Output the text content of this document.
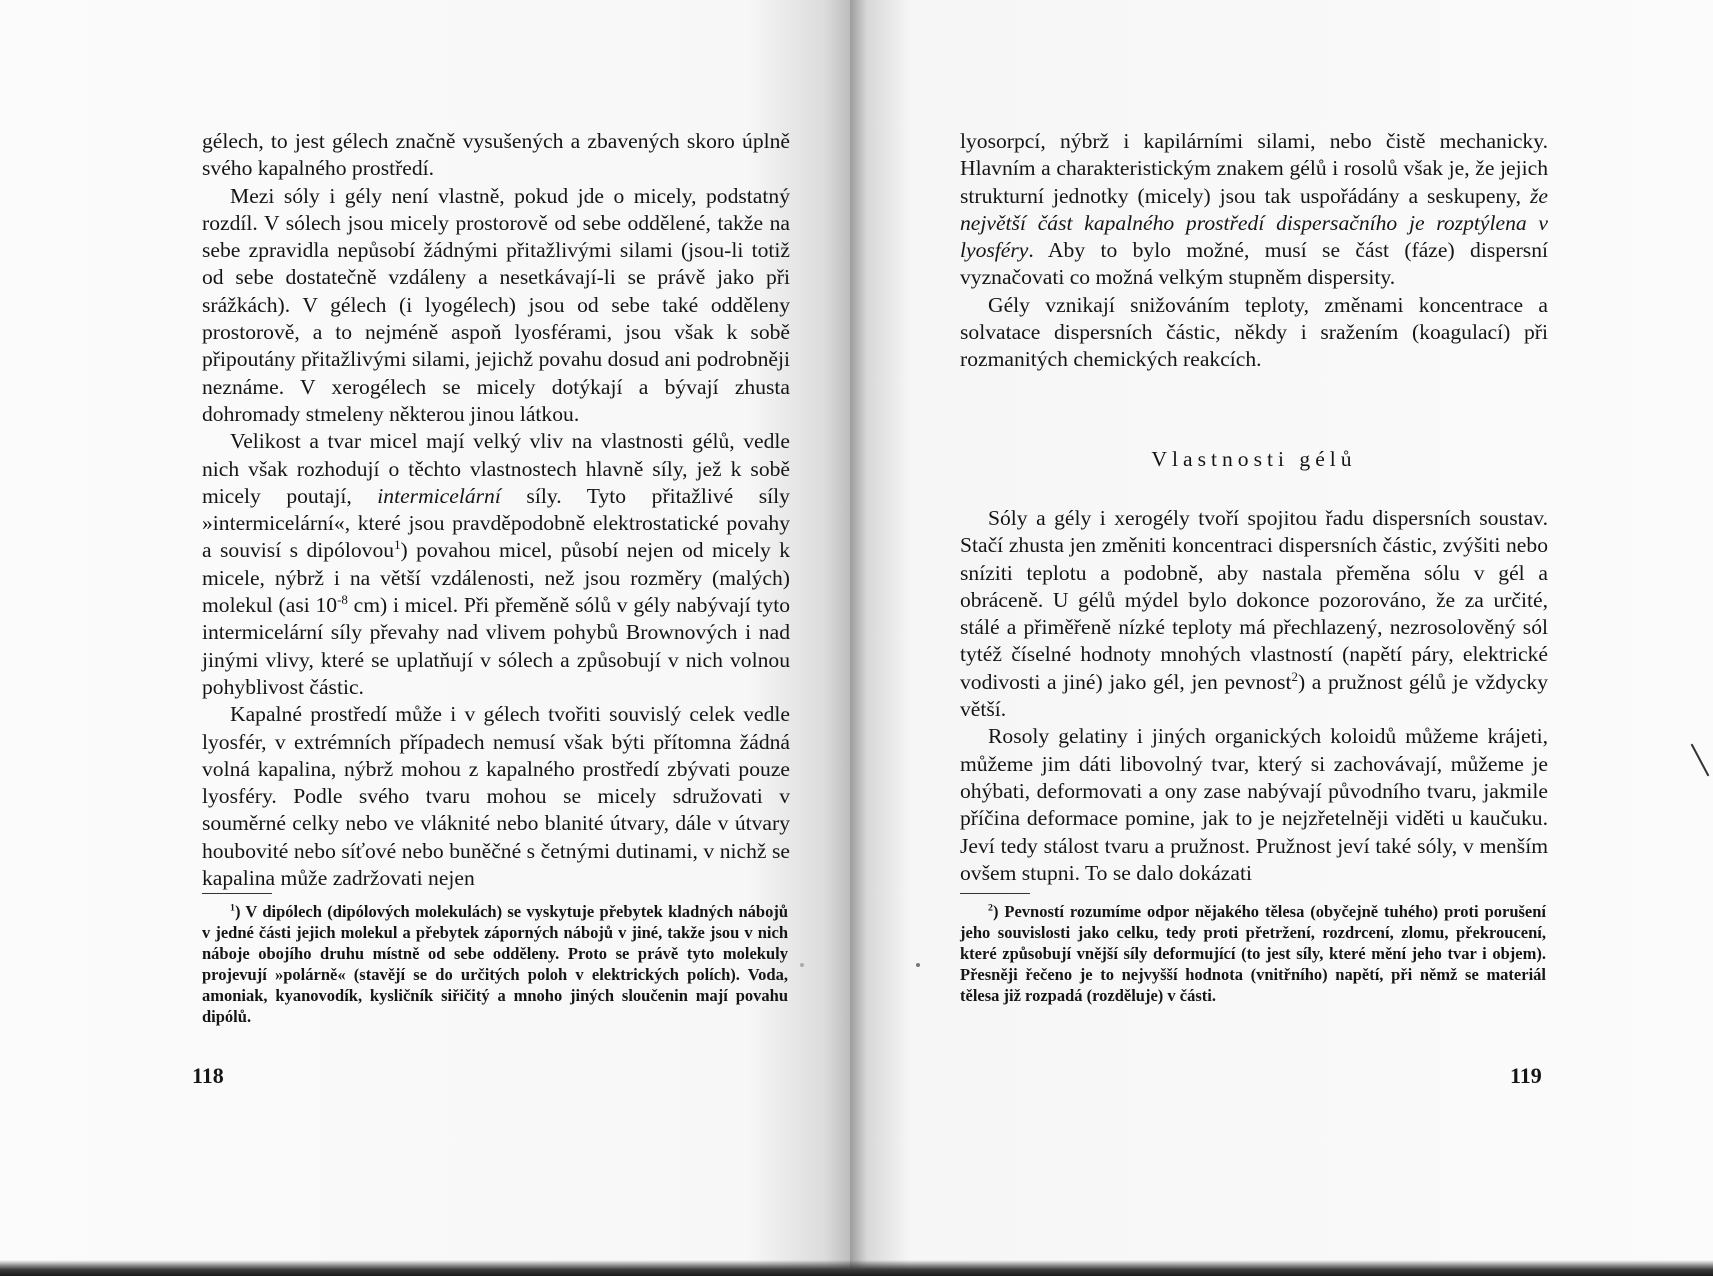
gélech, to jest gélech značně vysušených a zbavených skoro úplně svého kapalného prostředí.

Mezi sóly i gély není vlastně, pokud jde o micely, podstatný rozdíl. V sólech jsou micely prostorově od sebe oddělené, takže na sebe zpravidla nepůsobí žádnými přitažlivými silami (jsou-li totiž od sebe dostatečně vzdáleny a nesetkávají-li se právě jako při srážkách). V gélech (i lyogélech) jsou od sebe také odděleny prostorově, a to nejméně aspoň lyosférami, jsou však k sobě připoutány přitažlivými silami, jejichž povahu dosud ani podrobněji neznáme. V xerogélech se micely dotýkají a bývají zhusta dohromady stmeleny některou jinou látkou.

Velikost a tvar micel mají velký vliv na vlastnosti gélů, vedle nich však rozhodují o těchto vlastnostech hlavně síly, jež k sobě micely poutají, intermicelární síly. Tyto přitažlivé síly »intermicelární«, které jsou pravděpodobně elektrostatické povahy a souvisí s dipólovou$^1$) povahou micel, působí nejen od micely k micele, nýbrž i na větší vzdálenosti, než jsou rozměry (malých) molekul (asi $10^{-8}$ cm) i micel. Při přeměně sólů v gély nabývají tyto intermicelární síly převahy nad vlivem pohybů Brownových i nad jinými vlivy, které se uplatňují v sólech a způsobují v nich volnou pohyblivost částic.

Kapalné prostředí může i v gélech tvořiti souvislý celek vedle lyosfér, v extrémních případech nemusí však býti přítomna žádná volná kapalina, nýbrž mohou z kapalného prostředí zbývati pouze lyosféry. Podle svého tvaru mohou se micely sdružovati v souměrné celky nebo ve vláknité nebo blanité útvary, dále v útvary houbovité nebo síťové nebo buněčné s četnými dutinami, v nichž se kapalina může zadržovati nejen

$^1$) V dipólech (dipólových molekulách) se vyskytuje přebytek kladných nábojů v jedné části jejich molekul a přebytek záporných nábojů v jiné, takže jsou v nich náboje obojího druhu místně od sebe odděleny. Proto se právě tyto molekuly projevují »polárně« (stavějí se do určitých poloh v elektrických polích). Voda, amoniak, kyanovodík, kysličník siřičitý a mnoho jiných sloučenin mají povahu dipólů.

118

lyosorpcí, nýbrž i kapilárními silami, nebo čistě mechanicky. Hlavním a charakteristickým znakem gélů i rosolů však je, že jejich strukturní jednotky (micely) jsou tak uspořádány a seskupeny, že největší část kapalného prostředí dispersačního je rozptýlena v lyosféry. Aby to bylo možné, musí se část (fáze) dispersní vyznačovati co možná velkým stupněm dispersity.

Gély vznikají snižováním teploty, změnami koncentrace a solvatace dispersních částic, někdy i sražením (koagulací) při rozmanitých chemických reakcích.

Vlastnosti gélů

Sóly a gély i xerogély tvoří spojitou řadu dispersních soustav. Stačí zhusta jen změniti koncentraci dispersních částic, zvýšiti nebo sníziti teplotu a podobně, aby nastala přeměna sólu v gél a obráceně. U gélů mýdel bylo dokonce pozorováno, že za určité, stálé a přiměřeně nízké teploty má přechlazený, nezrosolověný sól tytéž číselné hodnoty mnohých vlastností (napětí páry, elektrické vodivosti a jiné) jako gél, jen pevnost$^2$) a pružnost gélů je vždycky větší.

Rosoly gelatiny i jiných organických koloidů můžeme krájeti, můžeme jim dáti libovolný tvar, který si zachovávají, můžeme je ohýbati, deformovati a ony zase nabývají původního tvaru, jakmile příčina deformace pomine, jak to je nejzřetelněji viděti u kaučuku. Jeví tedy stálost tvaru a pružnost. Pružnost jeví také sóly, v menším ovšem stupni. To se dalo dokázati

$^2$) Pevností rozumíme odpor nějakého tělesa (obyčejně tuhého) proti porušení jeho souvislosti jako celku, tedy proti přetržení, rozdrcení, zlomu, překroucení, které způsobují vnější síly deformující (to jest síly, které mění jeho tvar i objem). Přesněji řečeno je to nejvyšší hodnota (vnitřního) napětí, při němž se materiál tělesa již rozpadá (rozděluje) v části.

119
